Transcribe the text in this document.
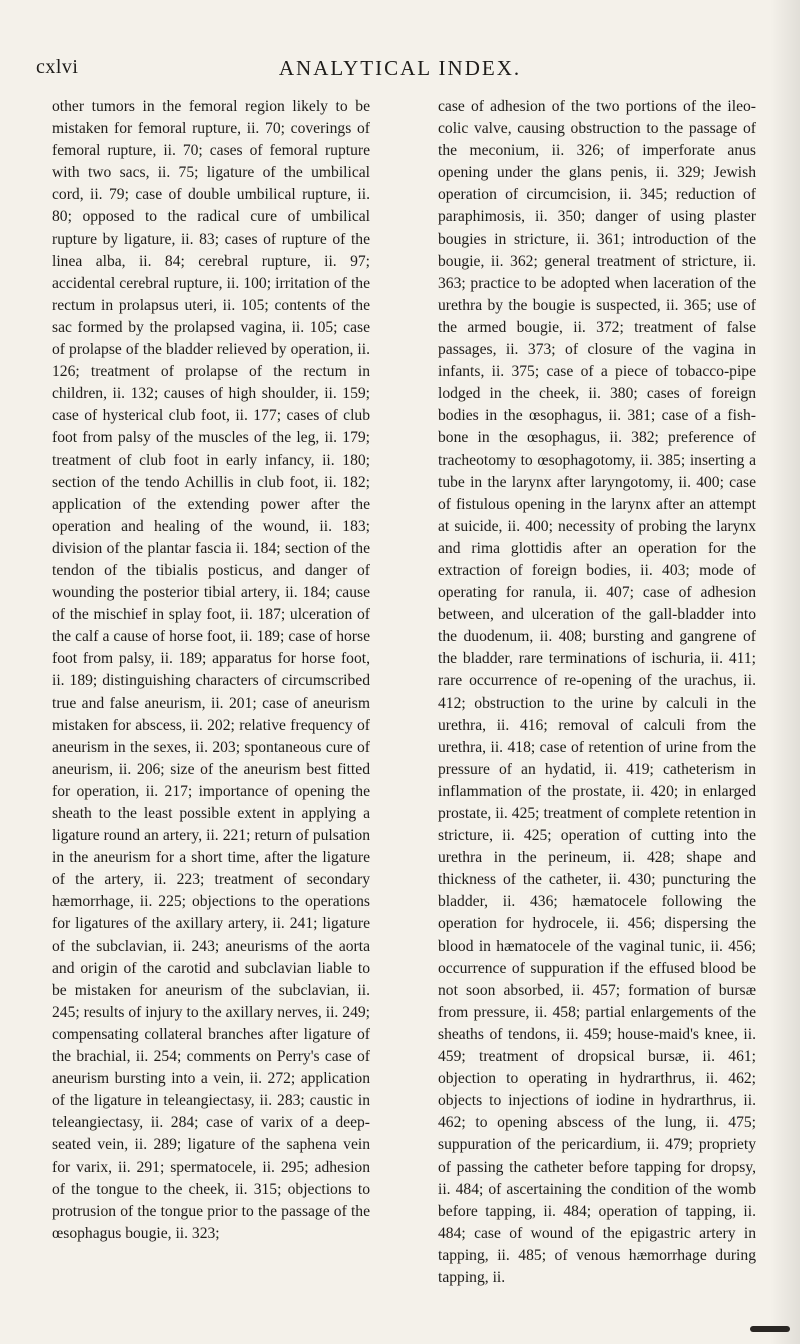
cxlvi	ANALYTICAL INDEX.

other tumors in the femoral region likely to be mistaken for femoral rupture, ii. 70; coverings of femoral rupture, ii. 70; cases of femoral rupture with two sacs, ii. 75; ligature of the umbilical cord, ii. 79; case of double umbilical rupture, ii. 80; opposed to the radical cure of umbilical rupture by ligature, ii. 83; cases of rupture of the linea alba, ii. 84; cerebral rupture, ii. 97; accidental cerebral rupture, ii. 100; irritation of the rectum in prolapsus uteri, ii. 105; contents of the sac formed by the prolapsed vagina, ii. 105; case of prolapse of the bladder relieved by operation, ii. 126; treatment of prolapse of the rectum in children, ii. 132; causes of high shoulder, ii. 159; case of hysterical club foot, ii. 177; cases of club foot from palsy of the muscles of the leg, ii. 179; treatment of club foot in early infancy, ii. 180; section of the tendo Achillis in club foot, ii. 182; application of the extending power after the operation and healing of the wound, ii. 183; division of the plantar fascia ii. 184; section of the tendon of the tibialis posticus, and danger of wounding the posterior tibial artery, ii. 184; cause of the mischief in splay foot, ii. 187; ulceration of the calf a cause of horse foot, ii. 189; case of horse foot from palsy, ii. 189; apparatus for horse foot, ii. 189; distinguishing characters of circumscribed true and false aneurism, ii. 201; case of aneurism mistaken for abscess, ii. 202; relative frequency of aneurism in the sexes, ii. 203; spontaneous cure of aneurism, ii. 206; size of the aneurism best fitted for operation, ii. 217; importance of opening the sheath to the least possible extent in applying a ligature round an artery, ii. 221; return of pulsation in the aneurism for a short time, after the ligature of the artery, ii. 223; treatment of secondary hæmorrhage, ii. 225; objections to the operations for ligatures of the axillary artery, ii. 241; ligature of the subclavian, ii. 243; aneurisms of the aorta and origin of the carotid and subclavian liable to be mistaken for aneurism of the subclavian, ii. 245; results of injury to the axillary nerves, ii. 249; compensating collateral branches after ligature of the brachial, ii. 254; comments on Perry's case of aneurism bursting into a vein, ii. 272; application of the ligature in teleangiectasy, ii. 283; caustic in teleangiectasy, ii. 284; case of varix of a deep-seated vein, ii. 289; ligature of the saphena vein for varix, ii. 291; spermatocele, ii. 295; adhesion of the tongue to the cheek, ii. 315; objections to protrusion of the tongue prior to the passage of the œsophagus bougie, ii. 323;

case of adhesion of the two portions of the ileo-colic valve, causing obstruction to the passage of the meconium, ii. 326; of imperforate anus opening under the glans penis, ii. 329; Jewish operation of circumcision, ii. 345; reduction of paraphimosis, ii. 350; danger of using plaster bougies in stricture, ii. 361; introduction of the bougie, ii. 362; general treatment of stricture, ii. 363; practice to be adopted when laceration of the urethra by the bougie is suspected, ii. 365; use of the armed bougie, ii. 372; treatment of false passages, ii. 373; of closure of the vagina in infants, ii. 375; case of a piece of tobacco-pipe lodged in the cheek, ii. 380; cases of foreign bodies in the œsophagus, ii. 381; case of a fish-bone in the œsophagus, ii. 382; preference of tracheotomy to œsophagotomy, ii. 385; inserting a tube in the larynx after laryngotomy, ii. 400; case of fistulous opening in the larynx after an attempt at suicide, ii. 400; necessity of probing the larynx and rima glottidis after an operation for the extraction of foreign bodies, ii. 403; mode of operating for ranula, ii. 407; case of adhesion between, and ulceration of the gall-bladder into the duodenum, ii. 408; bursting and gangrene of the bladder, rare terminations of ischuria, ii. 411; rare occurrence of re-opening of the urachus, ii. 412; obstruction to the urine by calculi in the urethra, ii. 416; removal of calculi from the urethra, ii. 418; case of retention of urine from the pressure of an hydatid, ii. 419; catheterism in inflammation of the prostate, ii. 420; in enlarged prostate, ii. 425; treatment of complete retention in stricture, ii. 425; operation of cutting into the urethra in the perineum, ii. 428; shape and thickness of the catheter, ii. 430; puncturing the bladder, ii. 436; hæmatocele following the operation for hydrocele, ii. 456; dispersing the blood in hæmatocele of the vaginal tunic, ii. 456; occurrence of suppuration if the effused blood be not soon absorbed, ii. 457; formation of bursæ from pressure, ii. 458; partial enlargements of the sheaths of tendons, ii. 459; house-maid's knee, ii. 459; treatment of dropsical bursæ, ii. 461; objection to operating in hydrarthrus, ii. 462; objects to injections of iodine in hydrarthrus, ii. 462; to opening abscess of the lung, ii. 475; suppuration of the pericardium, ii. 479; propriety of passing the catheter before tapping for dropsy, ii. 484; of ascertaining the condition of the womb before tapping, ii. 484; operation of tapping, ii. 484; case of wound of the epigastric artery in tapping, ii. 485; of venous hæmorrhage during tapping, ii.
